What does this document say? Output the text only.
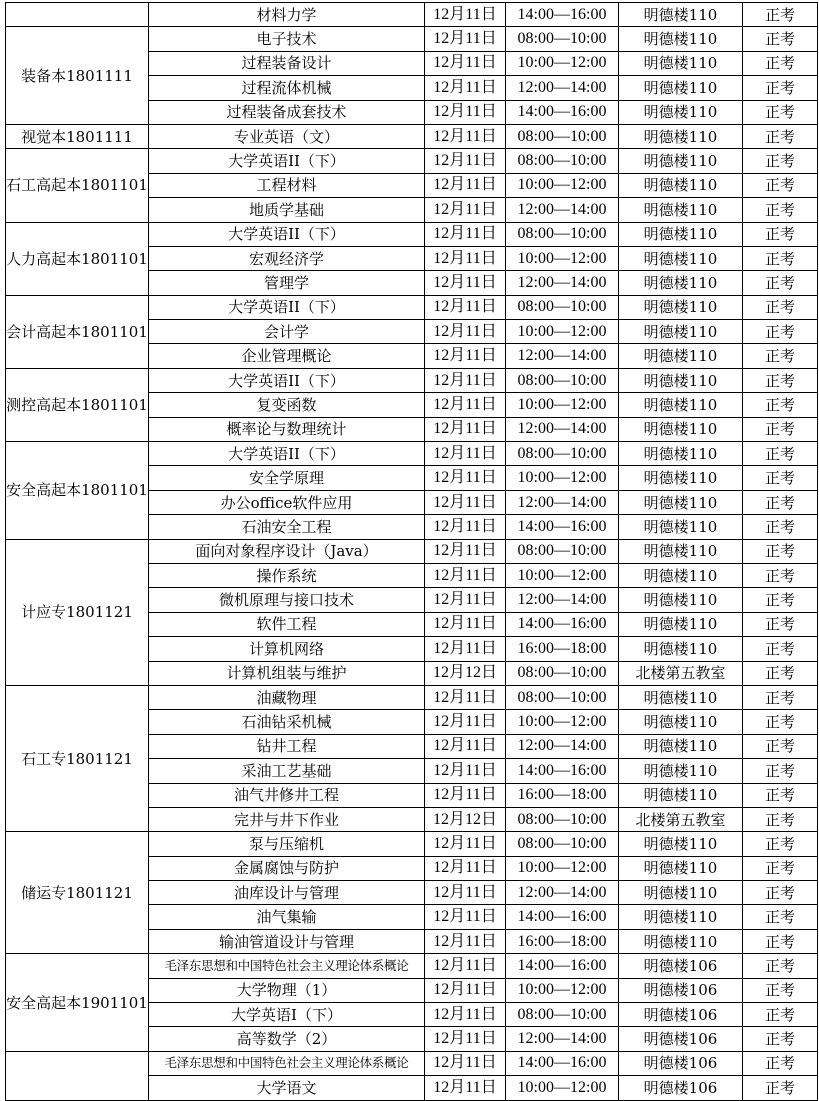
	材料力学	12月11日	14:00—16:00	明德楼110	正考
装备本1801111	电子技术	12月11日	08:00—10:00	明德楼110	正考
	过程装备设计	12月11日	10:00—12:00	明德楼110	正考
	过程流体机械	12月11日	12:00—14:00	明德楼110	正考
	过程装备成套技术	12月11日	14:00—16:00	明德楼110	正考
视觉本1801111	专业英语（文）	12月11日	08:00—10:00	明德楼110	正考
石工高起本1801101	大学英语II（下）	12月11日	08:00—10:00	明德楼110	正考
	工程材料	12月11日	10:00—12:00	明德楼110	正考
	地质学基础	12月11日	12:00—14:00	明德楼110	正考
人力高起本1801101	大学英语II（下）	12月11日	08:00—10:00	明德楼110	正考
	宏观经济学	12月11日	10:00—12:00	明德楼110	正考
	管理学	12月11日	12:00—14:00	明德楼110	正考
会计高起本1801101	大学英语II（下）	12月11日	08:00—10:00	明德楼110	正考
	会计学	12月11日	10:00—12:00	明德楼110	正考
	企业管理概论	12月11日	12:00—14:00	明德楼110	正考
测控高起本1801101	大学英语II（下）	12月11日	08:00—10:00	明德楼110	正考
	复变函数	12月11日	10:00—12:00	明德楼110	正考
	概率论与数理统计	12月11日	12:00—14:00	明德楼110	正考
安全高起本1801101	大学英语II（下）	12月11日	08:00—10:00	明德楼110	正考
	安全学原理	12月11日	10:00—12:00	明德楼110	正考
	办公office软件应用	12月11日	12:00—14:00	明德楼110	正考
	石油安全工程	12月11日	14:00—16:00	明德楼110	正考
计应专1801121	面向对象程序设计（Java）	12月11日	08:00—10:00	明德楼110	正考
	操作系统	12月11日	10:00—12:00	明德楼110	正考
	微机原理与接口技术	12月11日	12:00—14:00	明德楼110	正考
	软件工程	12月11日	14:00—16:00	明德楼110	正考
	计算机网络	12月11日	16:00—18:00	明德楼110	正考
	计算机组装与维护	12月12日	08:00—10:00	北楼第五教室	正考
石工专1801121	油藏物理	12月11日	08:00—10:00	明德楼110	正考
	石油钻采机械	12月11日	10:00—12:00	明德楼110	正考
	钻井工程	12月11日	12:00—14:00	明德楼110	正考
	采油工艺基础	12月11日	14:00—16:00	明德楼110	正考
	油气井修井工程	12月11日	16:00—18:00	明德楼110	正考
	完井与井下作业	12月12日	08:00—10:00	北楼第五教室	正考
储运专1801121	泵与压缩机	12月11日	08:00—10:00	明德楼110	正考
	金属腐蚀与防护	12月11日	10:00—12:00	明德楼110	正考
	油库设计与管理	12月11日	12:00—14:00	明德楼110	正考
	油气集输	12月11日	14:00—16:00	明德楼110	正考
	输油管道设计与管理	12月11日	16:00—18:00	明德楼110	正考
安全高起本1901101	毛泽东思想和中国特色社会主义理论体系概论	12月11日	14:00—16:00	明德楼106	正考
	大学物理（1）	12月11日	10:00—12:00	明德楼106	正考
	大学英语I（下）	12月11日	08:00—10:00	明德楼106	正考
	高等数学（2）	12月11日	12:00—14:00	明德楼106	正考
	毛泽东思想和中国特色社会主义理论体系概论	12月11日	14:00—16:00	明德楼106	正考
	大学语文	12月11日	10:00—12:00	明德楼106	正考
